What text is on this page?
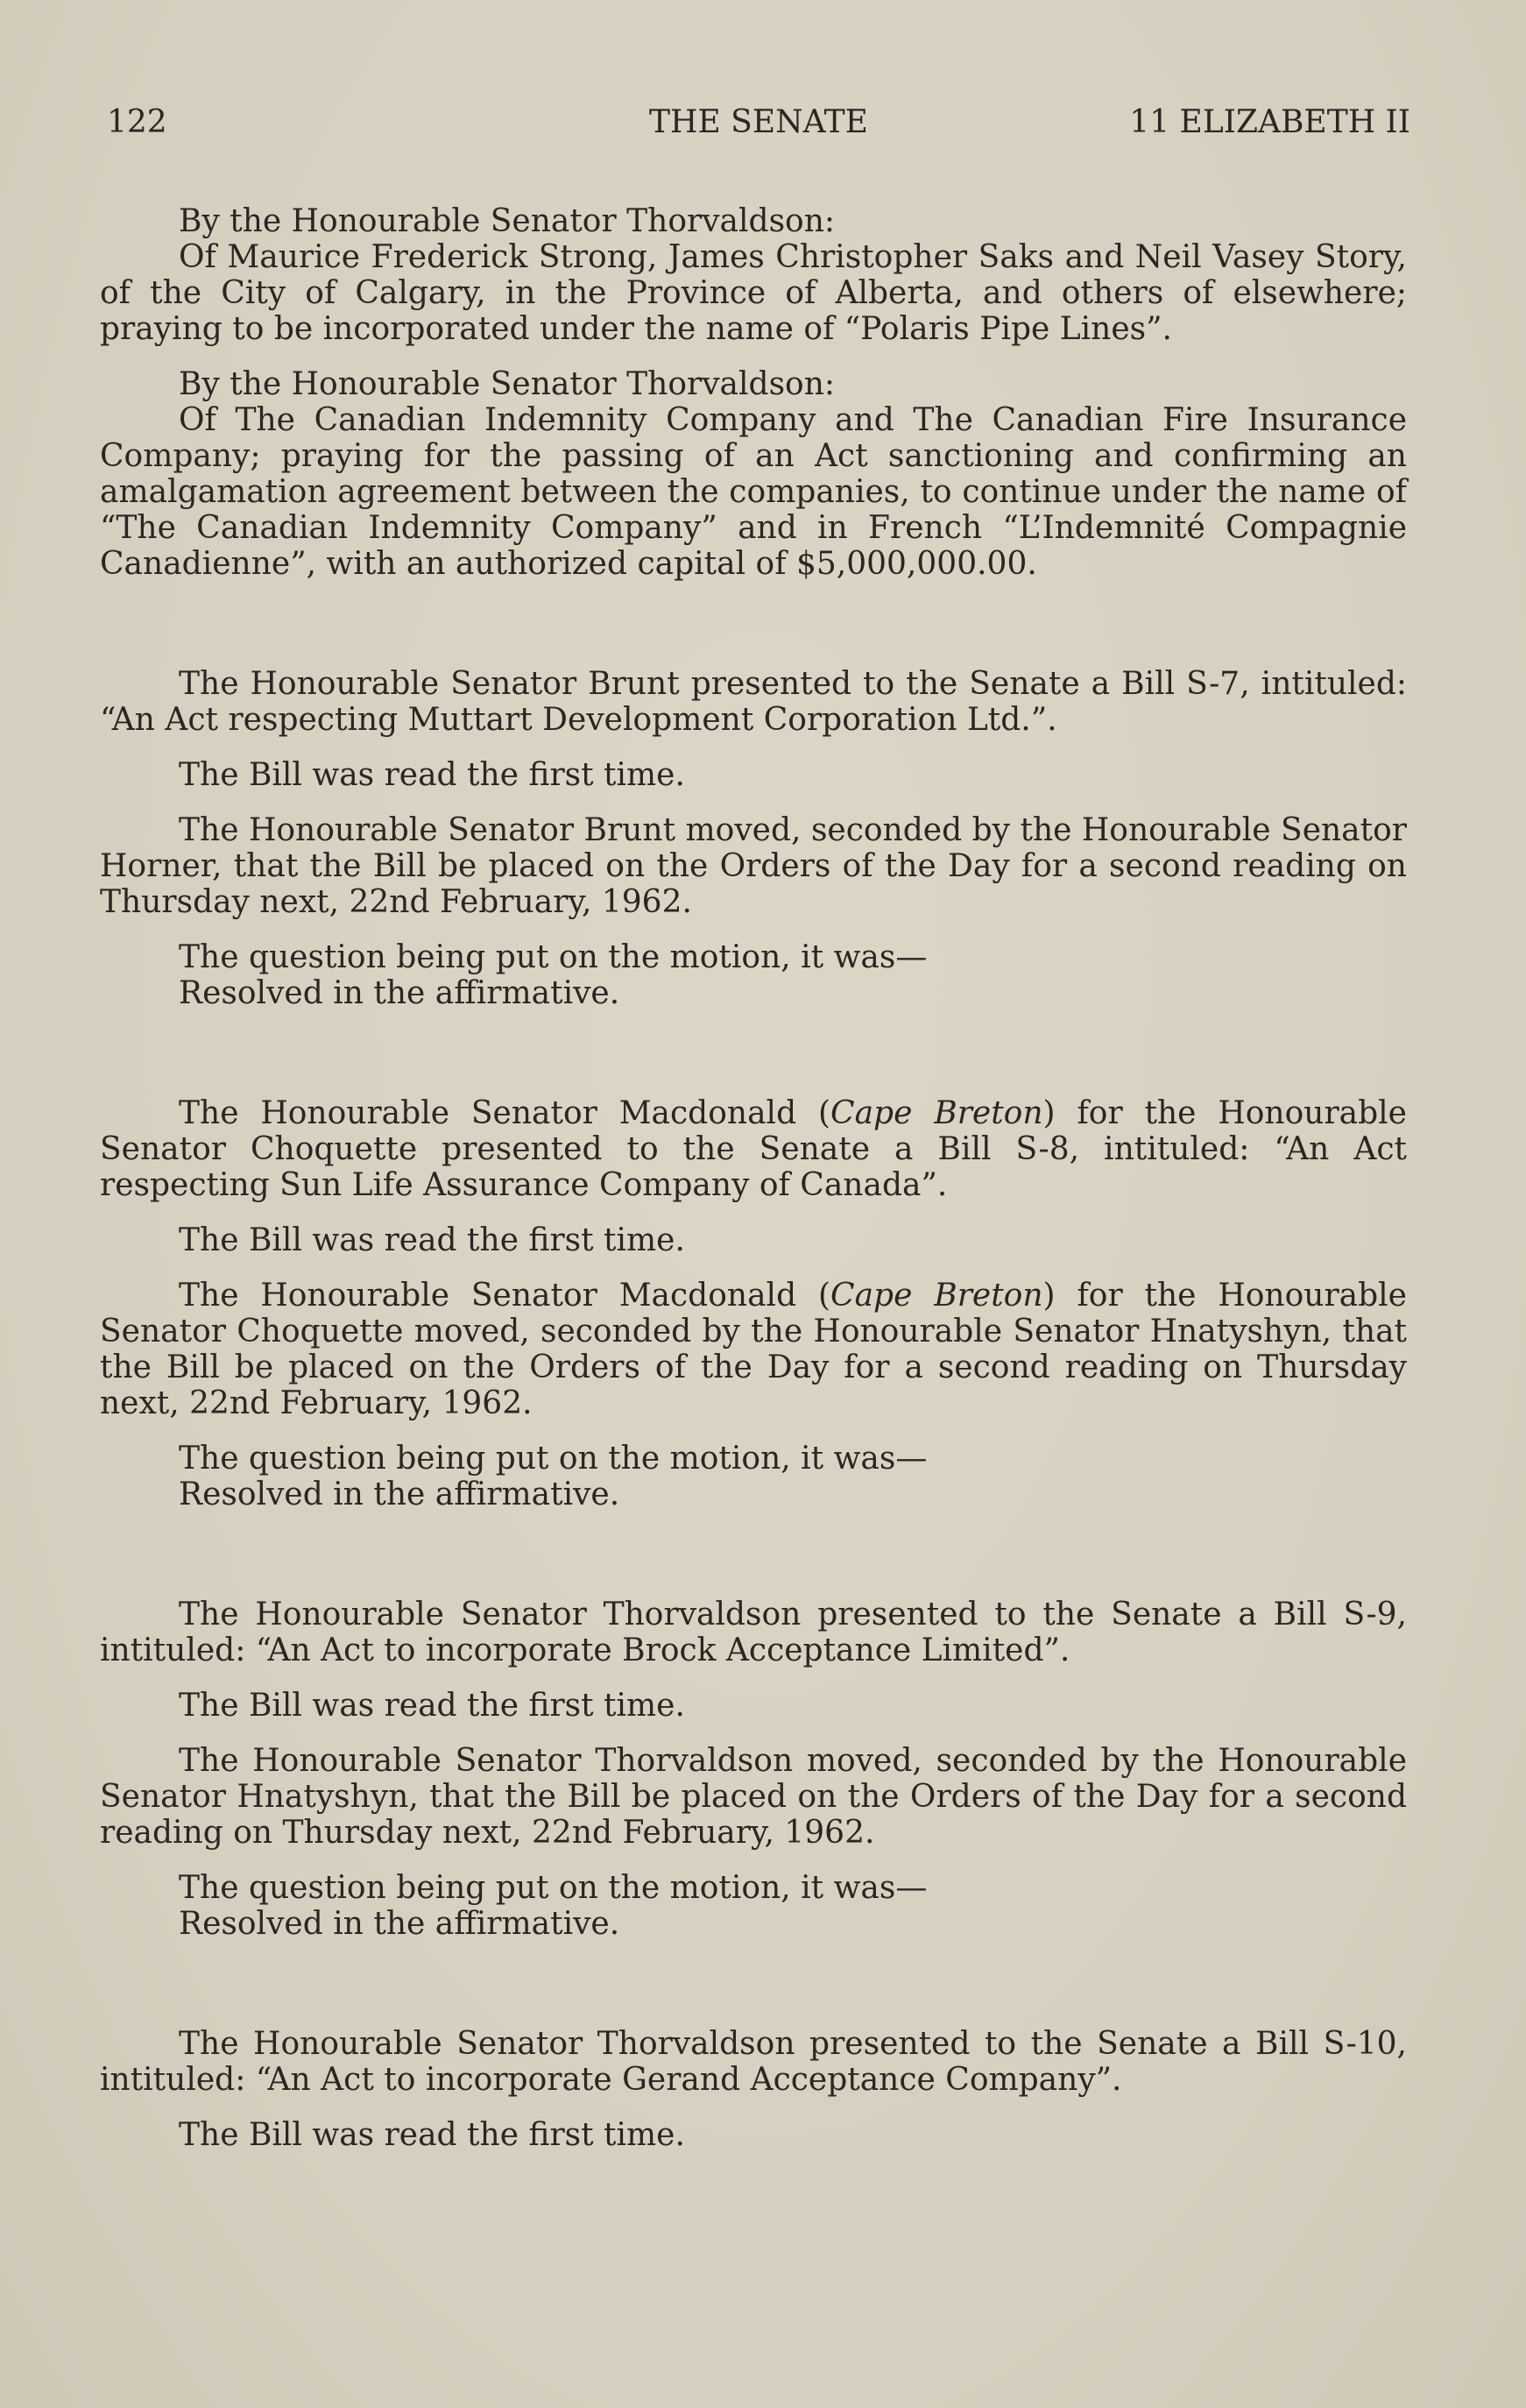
122	THE SENATE	11 ELIZABETH II

By the Honourable Senator Thorvaldson:

Of Maurice Frederick Strong, James Christopher Saks and Neil Vasey Story, of the City of Calgary, in the Province of Alberta, and others of elsewhere; praying to be incorporated under the name of “Polaris Pipe Lines”.

By the Honourable Senator Thorvaldson:

Of The Canadian Indemnity Company and The Canadian Fire Insurance Company; praying for the passing of an Act sanctioning and confirming an amalgamation agreement between the companies, to continue under the name of “The Canadian Indemnity Company” and in French “L’Indemnité Compagnie Canadienne”, with an authorized capital of $5,000,000.00.

The Honourable Senator Brunt presented to the Senate a Bill S-7, intituled: “An Act respecting Muttart Development Corporation Ltd.”.

The Bill was read the first time.

The Honourable Senator Brunt moved, seconded by the Honourable Senator Horner, that the Bill be placed on the Orders of the Day for a second reading on Thursday next, 22nd February, 1962.

The question being put on the motion, it was—

Resolved in the affirmative.

The Honourable Senator Macdonald (Cape Breton) for the Honourable Senator Choquette presented to the Senate a Bill S-8, intituled: “An Act respecting Sun Life Assurance Company of Canada”.

The Bill was read the first time.

The Honourable Senator Macdonald (Cape Breton) for the Honourable Senator Choquette moved, seconded by the Honourable Senator Hnatyshyn, that the Bill be placed on the Orders of the Day for a second reading on Thursday next, 22nd February, 1962.

The question being put on the motion, it was—

Resolved in the affirmative.

The Honourable Senator Thorvaldson presented to the Senate a Bill S-9, intituled: “An Act to incorporate Brock Acceptance Limited”.

The Bill was read the first time.

The Honourable Senator Thorvaldson moved, seconded by the Honourable Senator Hnatyshyn, that the Bill be placed on the Orders of the Day for a second reading on Thursday next, 22nd February, 1962.

The question being put on the motion, it was—

Resolved in the affirmative.

The Honourable Senator Thorvaldson presented to the Senate a Bill S-10, intituled: “An Act to incorporate Gerand Acceptance Company”.

The Bill was read the first time.
